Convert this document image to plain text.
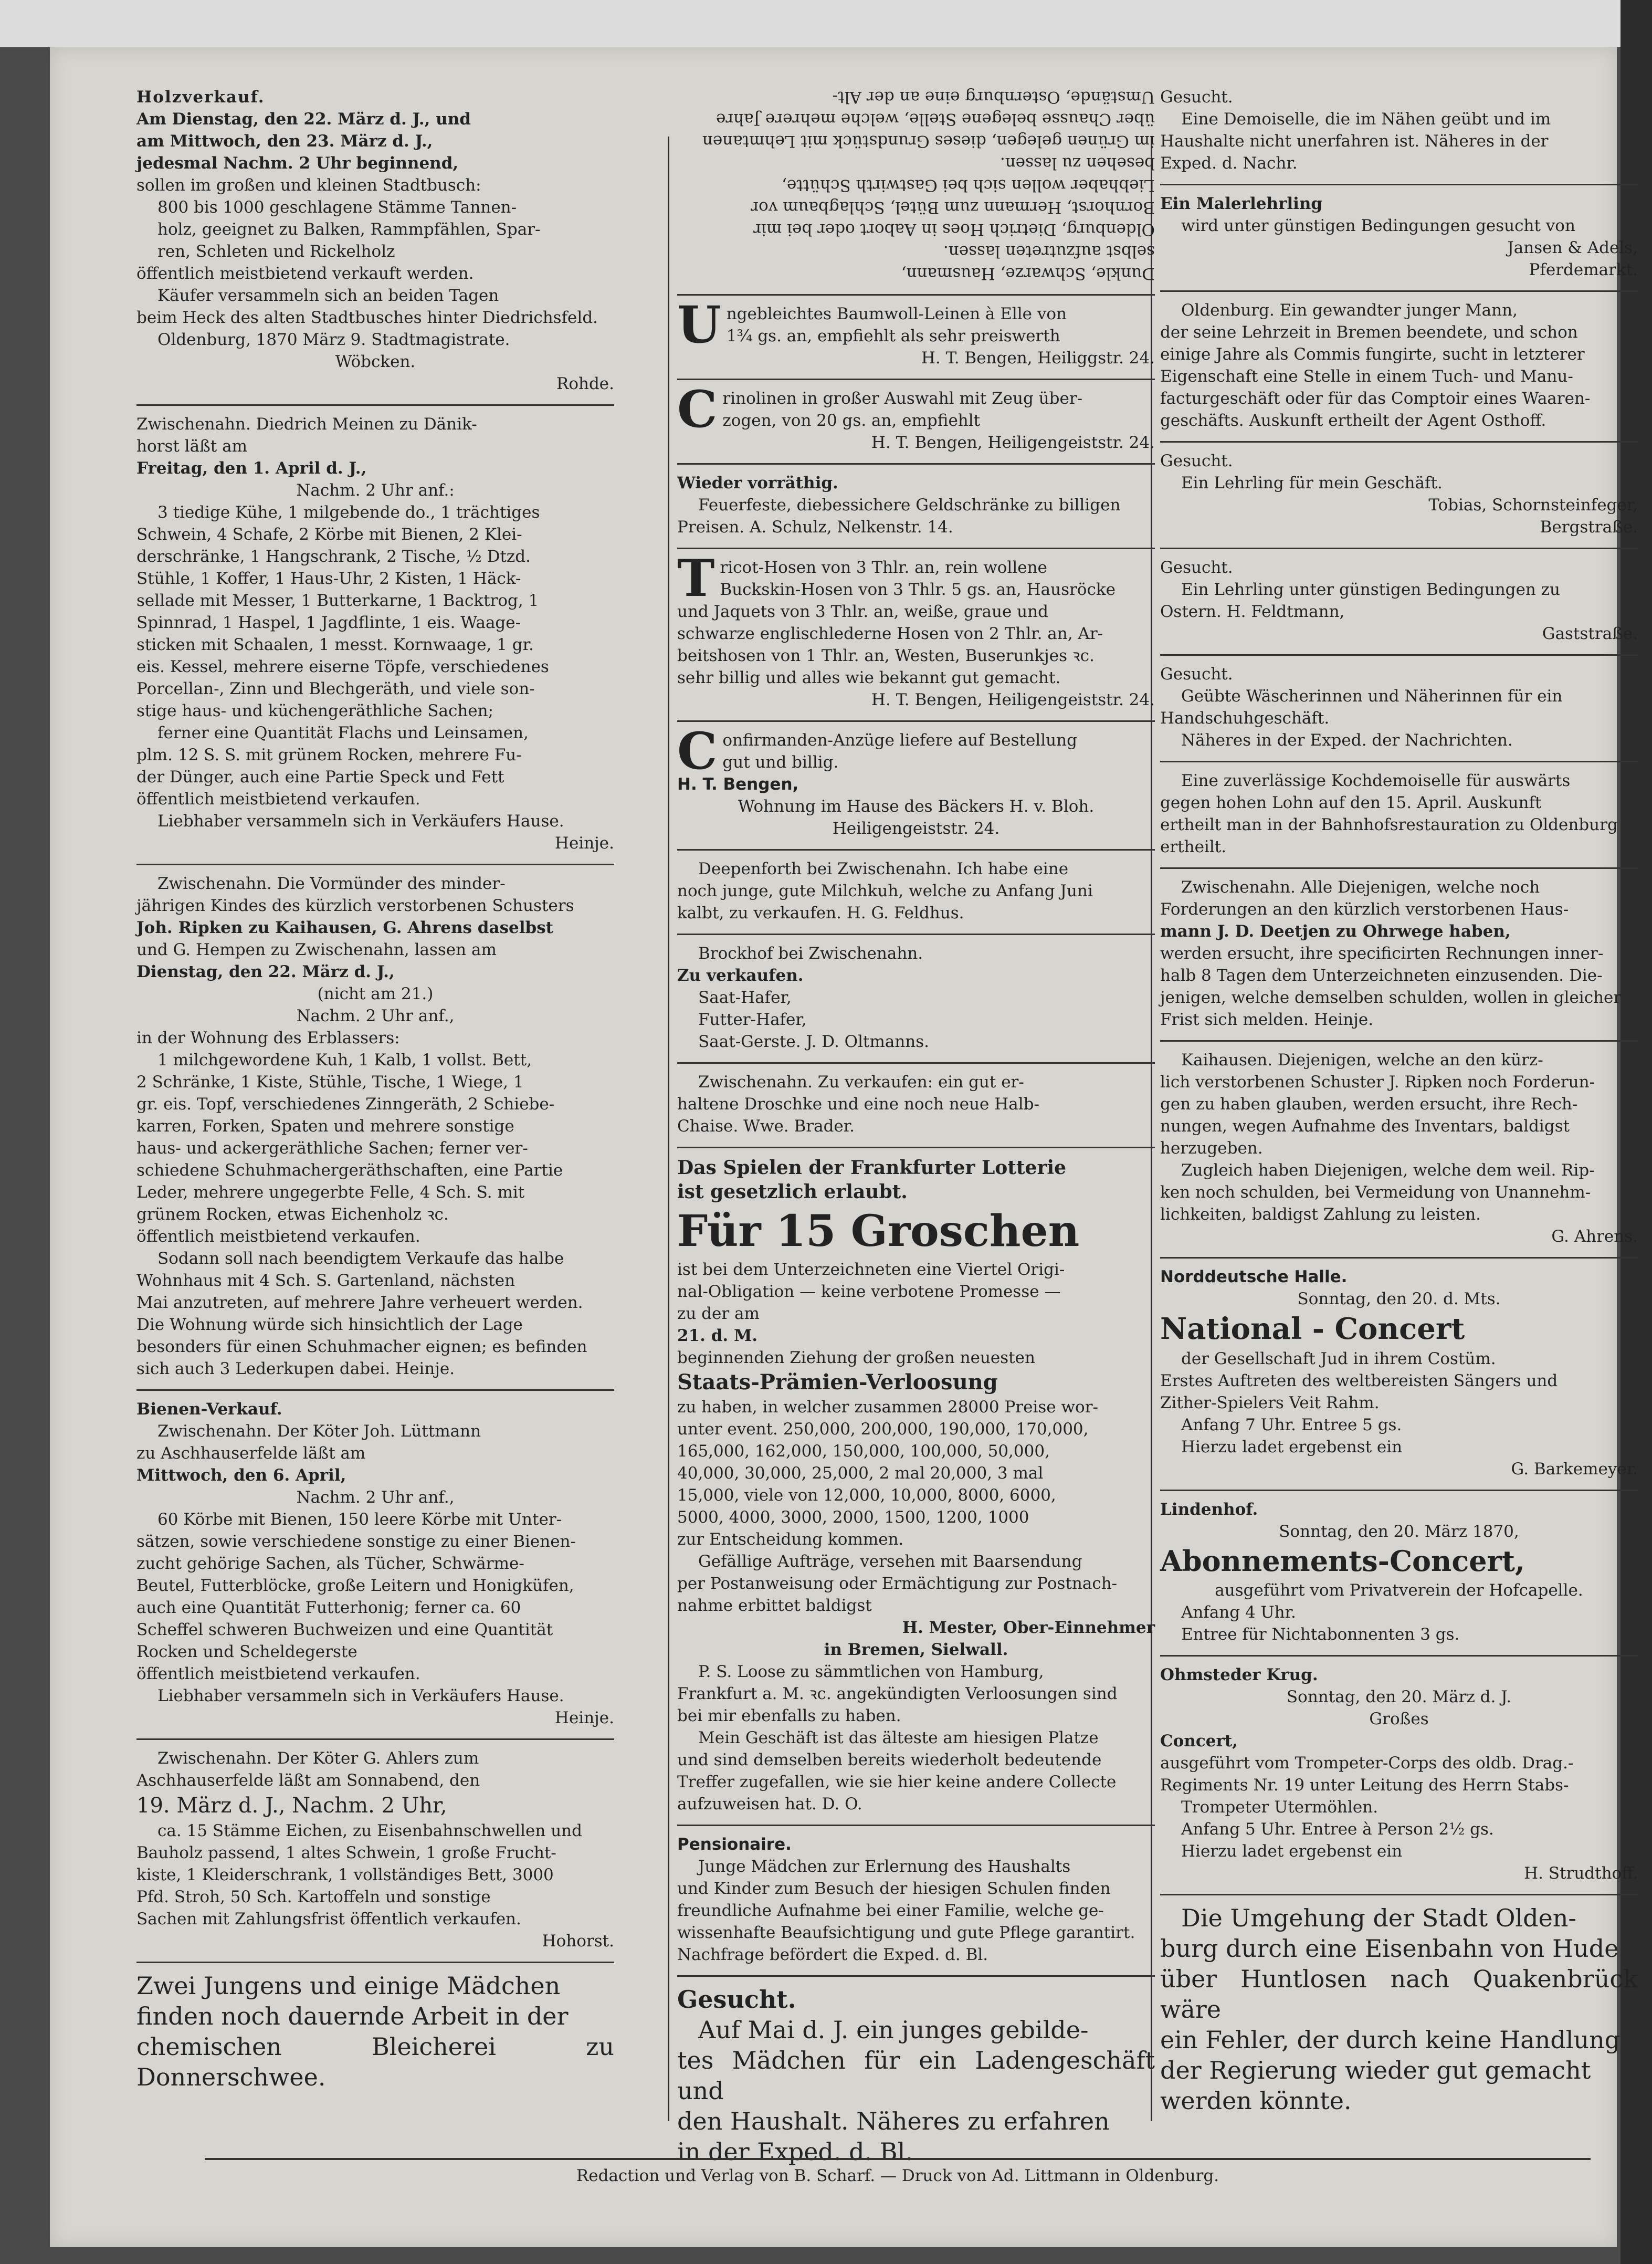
Holzverkauf.

Am Dienstag, den 22. März d. J., und

am Mittwoch, den 23. März d. J.,

jedesmal Nachm. 2 Uhr beginnend,

sollen im großen und kleinen Stadtbusch:

800 bis 1000 geschlagene Stämme Tannen-

holz, geeignet zu Balken, Rammpfählen, Spar-

ren, Schleten und Rickelholz

öffentlich meistbietend verkauft werden.

Käufer versammeln sich an beiden Tagen

beim Heck des alten Stadtbusches hinter Diedrichsfeld.

Oldenburg, 1870 März 9. Stadtmagistrate.

Wöbcken.

Rohde.

Zwischenahn. Diedrich Meinen zu Dänik-

horst läßt am

Freitag, den 1. April d. J.,

Nachm. 2 Uhr anf.:

3 tiedige Kühe, 1 milgebende do., 1 trächtiges

Schwein, 4 Schafe, 2 Körbe mit Bienen, 2 Klei-

derschränke, 1 Hangschrank, 2 Tische, ½ Dtzd.

Stühle, 1 Koffer, 1 Haus-Uhr, 2 Kisten, 1 Häck-

sellade mit Messer, 1 Butterkarne, 1 Backtrog, 1

Spinnrad, 1 Haspel, 1 Jagdflinte, 1 eis. Waage-

sticken mit Schaalen, 1 messt. Kornwaage, 1 gr.

eis. Kessel, mehrere eiserne Töpfe, verschiedenes

Porcellan-, Zinn und Blechgeräth, und viele son-

stige haus- und küchengeräthliche Sachen;

ferner eine Quantität Flachs und Leinsamen,

plm. 12 S. S. mit grünem Rocken, mehrere Fu-

der Dünger, auch eine Partie Speck und Fett

öffentlich meistbietend verkaufen.

Liebhaber versammeln sich in Verkäufers Hause.

Heinje.

Zwischenahn. Die Vormünder des minder-

jährigen Kindes des kürzlich verstorbenen Schusters

Joh. Ripken zu Kaihausen, G. Ahrens daselbst

und G. Hempen zu Zwischenahn, lassen am

Dienstag, den 22. März d. J.,

(nicht am 21.)

Nachm. 2 Uhr anf.,

in der Wohnung des Erblassers:

1 milchgewordene Kuh, 1 Kalb, 1 vollst. Bett,

2 Schränke, 1 Kiste, Stühle, Tische, 1 Wiege, 1

gr. eis. Topf, verschiedenes Zinngeräth, 2 Schiebe-

karren, Forken, Spaten und mehrere sonstige

haus- und ackergeräthliche Sachen; ferner ver-

schiedene Schuhmachergeräthschaften, eine Partie

Leder, mehrere ungegerbte Felle, 4 Sch. S. mit

grünem Rocken, etwas Eichenholz ꝛc.

öffentlich meistbietend verkaufen.

Sodann soll nach beendigtem Verkaufe das halbe

Wohnhaus mit 4 Sch. S. Gartenland, nächsten

Mai anzutreten, auf mehrere Jahre verheuert werden.

Die Wohnung würde sich hinsichtlich der Lage

besonders für einen Schuhmacher eignen; es befinden

sich auch 3 Lederkupen dabei. Heinje.

Bienen-Verkauf.

Zwischenahn. Der Köter Joh. Lüttmann

zu Aschhauserfelde läßt am

Mittwoch, den 6. April,

Nachm. 2 Uhr anf.,

60 Körbe mit Bienen, 150 leere Körbe mit Unter-

sätzen, sowie verschiedene sonstige zu einer Bienen-

zucht gehörige Sachen, als Tücher, Schwärme-

Beutel, Futterblöcke, große Leitern und Honigküfen,

auch eine Quantität Futterhonig; ferner ca. 60

Scheffel schweren Buchweizen und eine Quantität

Rocken und Scheldegerste

öffentlich meistbietend verkaufen.

Liebhaber versammeln sich in Verkäufers Hause.

Heinje.

Zwischenahn. Der Köter G. Ahlers zum

Aschhauserfelde läßt am Sonnabend, den

19. März d. J., Nachm. 2 Uhr,

ca. 15 Stämme Eichen, zu Eisenbahnschwellen und

Bauholz passend, 1 altes Schwein, 1 große Frucht-

kiste, 1 Kleiderschrank, 1 vollständiges Bett, 3000

Pfd. Stroh, 50 Sch. Kartoffeln und sonstige

Sachen mit Zahlungsfrist öffentlich verkaufen.

Hohorst.

Zwei Jungens und einige Mädchen

finden noch dauernde Arbeit in der

chemischen Bleicherei zu Donnerschwee.

Dunkle, Schwarze, Hausmann,

selbst aufzutreten lassen.

Oldenburg, Dietrich Hoes in Aabort oder bei mir

Bornhorst, Hermann zum Bütel, Schlagbaum vor

Liebhaber wollen sich bei Gastwirth Schütte,

besehen zu lassen.

im Grünen gelegen, dieses Grundstück mit Lehmtanen

über Chausse belegene Stelle, welche mehrere Jahre

Umstände, Osternburg eine an der Alt-

U ngebleichtes Baumwoll-Leinen à Elle von

1¾ gs. an, empfiehlt als sehr preiswerth

H. T. Bengen, Heiliggstr. 24.

C rinolinen in großer Auswahl mit Zeug über-

zogen, von 20 gs. an, empfiehlt

H. T. Bengen, Heiligengeiststr. 24.

Wieder vorräthig.

Feuerfeste, diebessichere Geldschränke zu billigen

Preisen. A. Schulz, Nelkenstr. 14.

T ricot-Hosen von 3 Thlr. an, rein wollene

Buckskin-Hosen von 3 Thlr. 5 gs. an, Hausröcke

und Jaquets von 3 Thlr. an, weiße, graue und

schwarze englischlederne Hosen von 2 Thlr. an, Ar-

beitshosen von 1 Thlr. an, Westen, Buserunkjes ꝛc.

sehr billig und alles wie bekannt gut gemacht.

H. T. Bengen, Heiligengeiststr. 24.

C onfirmanden-Anzüge liefere auf Bestellung

gut und billig.

H. T. Bengen,

Wohnung im Hause des Bäckers H. v. Bloh.

Heiligengeiststr. 24.

Deepenforth bei Zwischenahn. Ich habe eine

noch junge, gute Milchkuh, welche zu Anfang Juni

kalbt, zu verkaufen. H. G. Feldhus.

Brockhof bei Zwischenahn.

Zu verkaufen.

Saat-Hafer,

Futter-Hafer,

Saat-Gerste. J. D. Oltmanns.

Zwischenahn. Zu verkaufen: ein gut er-

haltene Droschke und eine noch neue Halb-

Chaise. Wwe. Brader.

Das Spielen der Frankfurter Lotterie

ist gesetzlich erlaubt.

Für 15 Groschen

ist bei dem Unterzeichneten eine Viertel Origi-

nal-Obligation — keine verbotene Promesse —

zu der am

21. d. M.

beginnenden Ziehung der großen neuesten

Staats-Prämien-Verloosung

zu haben, in welcher zusammen 28000 Preise wor-

unter event. 250,000, 200,000, 190,000, 170,000,

165,000, 162,000, 150,000, 100,000, 50,000,

40,000, 30,000, 25,000, 2 mal 20,000, 3 mal

15,000, viele von 12,000, 10,000, 8000, 6000,

5000, 4000, 3000, 2000, 1500, 1200, 1000

zur Entscheidung kommen.

Gefällige Aufträge, versehen mit Baarsendung

per Postanweisung oder Ermächtigung zur Postnach-

nahme erbittet baldigst

H. Mester, Ober-Einnehmer

in Bremen, Sielwall.

P. S. Loose zu sämmtlichen von Hamburg,

Frankfurt a. M. ꝛc. angekündigten Verloosungen sind

bei mir ebenfalls zu haben.

Mein Geschäft ist das älteste am hiesigen Platze

und sind demselben bereits wiederholt bedeutende

Treffer zugefallen, wie sie hier keine andere Collecte

aufzuweisen hat. D. O.

Pensionaire.

Junge Mädchen zur Erlernung des Haushalts

und Kinder zum Besuch der hiesigen Schulen finden

freundliche Aufnahme bei einer Familie, welche ge-

wissenhafte Beaufsichtigung und gute Pflege garantirt.

Nachfrage befördert die Exped. d. Bl.

Gesucht.

Auf Mai d. J. ein junges gebilde-

tes Mädchen für ein Ladengeschäft und

den Haushalt. Näheres zu erfahren

in der Exped. d. Bl.

Gesucht.

Eine Demoiselle, die im Nähen geübt und im

Haushalte nicht unerfahren ist. Näheres in der

Exped. d. Nachr.

Ein Malerlehrling

wird unter günstigen Bedingungen gesucht von

Jansen & Adels,

Pferdemarkt.

Oldenburg. Ein gewandter junger Mann,

der seine Lehrzeit in Bremen beendete, und schon

einige Jahre als Commis fungirte, sucht in letzterer

Eigenschaft eine Stelle in einem Tuch- und Manu-

facturgeschäft oder für das Comptoir eines Waaren-

geschäfts. Auskunft ertheilt der Agent Osthoff.

Gesucht.

Ein Lehrling für mein Geschäft.

Tobias, Schornsteinfeger,

Bergstraße.

Gesucht.

Ein Lehrling unter günstigen Bedingungen zu

Ostern. H. Feldtmann,

Gaststraße.

Gesucht.

Geübte Wäscherinnen und Näherinnen für ein

Handschuhgeschäft.

Näheres in der Exped. der Nachrichten.

Eine zuverlässige Kochdemoiselle für auswärts

gegen hohen Lohn auf den 15. April. Auskunft

ertheilt man in der Bahnhofsrestauration zu Oldenburg

ertheilt.

Zwischenahn. Alle Diejenigen, welche noch

Forderungen an den kürzlich verstorbenen Haus-

mann J. D. Deetjen zu Ohrwege haben,

werden ersucht, ihre specificirten Rechnungen inner-

halb 8 Tagen dem Unterzeichneten einzusenden. Die-

jenigen, welche demselben schulden, wollen in gleicher

Frist sich melden. Heinje.

Kaihausen. Diejenigen, welche an den kürz-

lich verstorbenen Schuster J. Ripken noch Forderun-

gen zu haben glauben, werden ersucht, ihre Rech-

nungen, wegen Aufnahme des Inventars, baldigst

herzugeben.

Zugleich haben Diejenigen, welche dem weil. Rip-

ken noch schulden, bei Vermeidung von Unannehm-

lichkeiten, baldigst Zahlung zu leisten.

G. Ahrens.

Norddeutsche Halle.

Sonntag, den 20. d. Mts.

National - Concert

der Gesellschaft Jud in ihrem Costüm.

Erstes Auftreten des weltbereisten Sängers und

Zither-Spielers Veit Rahm.

Anfang 7 Uhr. Entree 5 gs.

Hierzu ladet ergebenst ein

G. Barkemeyer.

Lindenhof.

Sonntag, den 20. März 1870,

Abonnements-Concert,

ausgeführt vom Privatverein der Hofcapelle.

Anfang 4 Uhr.

Entree für Nichtabonnenten 3 gs.

Ohmsteder Krug.

Sonntag, den 20. März d. J.

Großes

Concert,

ausgeführt vom Trompeter-Corps des oldb. Drag.-

Regiments Nr. 19 unter Leitung des Herrn Stabs-

Trompeter Utermöhlen.

Anfang 5 Uhr. Entree à Person 2½ gs.

Hierzu ladet ergebenst ein

H. Strudthoff.

Die Umgehung der Stadt Olden-

burg durch eine Eisenbahn von Hude

über Huntlosen nach Quakenbrück wäre

ein Fehler, der durch keine Handlung

der Regierung wieder gut gemacht

werden könnte.

Redaction und Verlag von B. Scharf. — Druck von Ad. Littmann in Oldenburg.
